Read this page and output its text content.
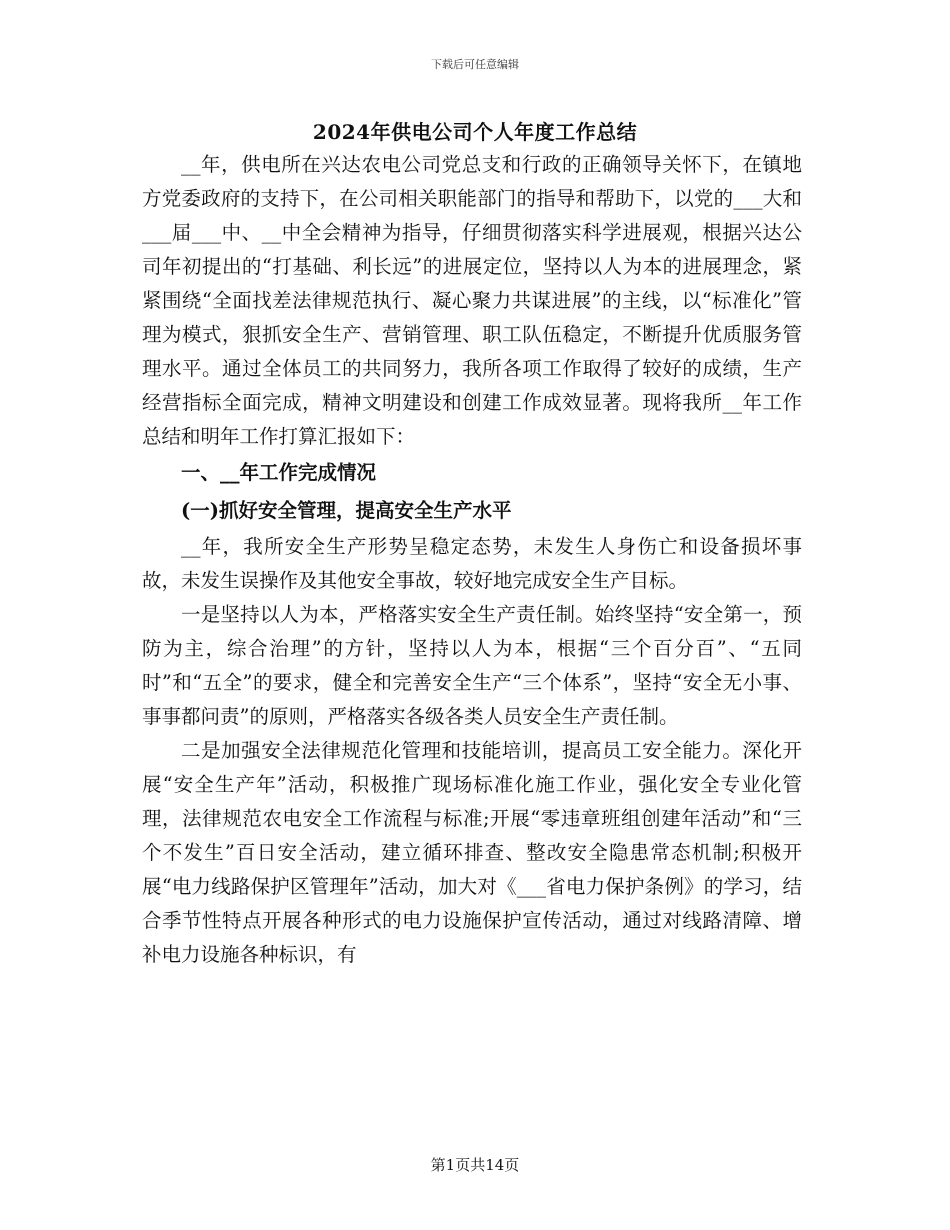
下载后可任意编辑
2024年供电公司个人年度工作总结

__年，供电所在兴达农电公司党总支和行政的正确领导关怀下，在镇地方党委政府的支持下，在公司相关职能部门的指导和帮助下，以党的___大和___届___中、__中全会精神为指导，仔细贯彻落实科学进展观，根据兴达公司年初提出的“打基础、利长远”的进展定位，坚持以人为本的进展理念，紧紧围绕“全面找差法律规范执行、凝心聚力共谋进展”的主线，以“标准化”管理为模式，狠抓安全生产、营销管理、职工队伍稳定，不断提升优质服务管理水平。通过全体员工的共同努力，我所各项工作取得了较好的成绩，生产经营指标全面完成，精神文明建设和创建工作成效显著。现将我所__年工作总结和明年工作打算汇报如下：

一、__年工作完成情况
(一)抓好安全管理，提高安全生产水平

__年，我所安全生产形势呈稳定态势，未发生人身伤亡和设备损坏事故，未发生误操作及其他安全事故，较好地完成安全生产目标。

一是坚持以人为本，严格落实安全生产责任制。始终坚持“安全第一，预防为主，综合治理”的方针，坚持以人为本，根据“三个百分百”、“五同时”和“五全”的要求，健全和完善安全生产“三个体系”，坚持“安全无小事、事事都问责”的原则，严格落实各级各类人员安全生产责任制。

二是加强安全法律规范化管理和技能培训，提高员工安全能力。深化开展“安全生产年”活动，积极推广现场标准化施工作业，强化安全专业化管理，法律规范农电安全工作流程与标准;开展“零违章班组创建年活动”和“三个不发生”百日安全活动，建立循环排查、整改安全隐患常态机制;积极开展“电力线路保护区管理年”活动，加大对《___省电力保护条例》的学习，结合季节性特点开展各种形式的电力设施保护宣传活动，通过对线路清障、增补电力设施各种标识，有

第1页共14页
